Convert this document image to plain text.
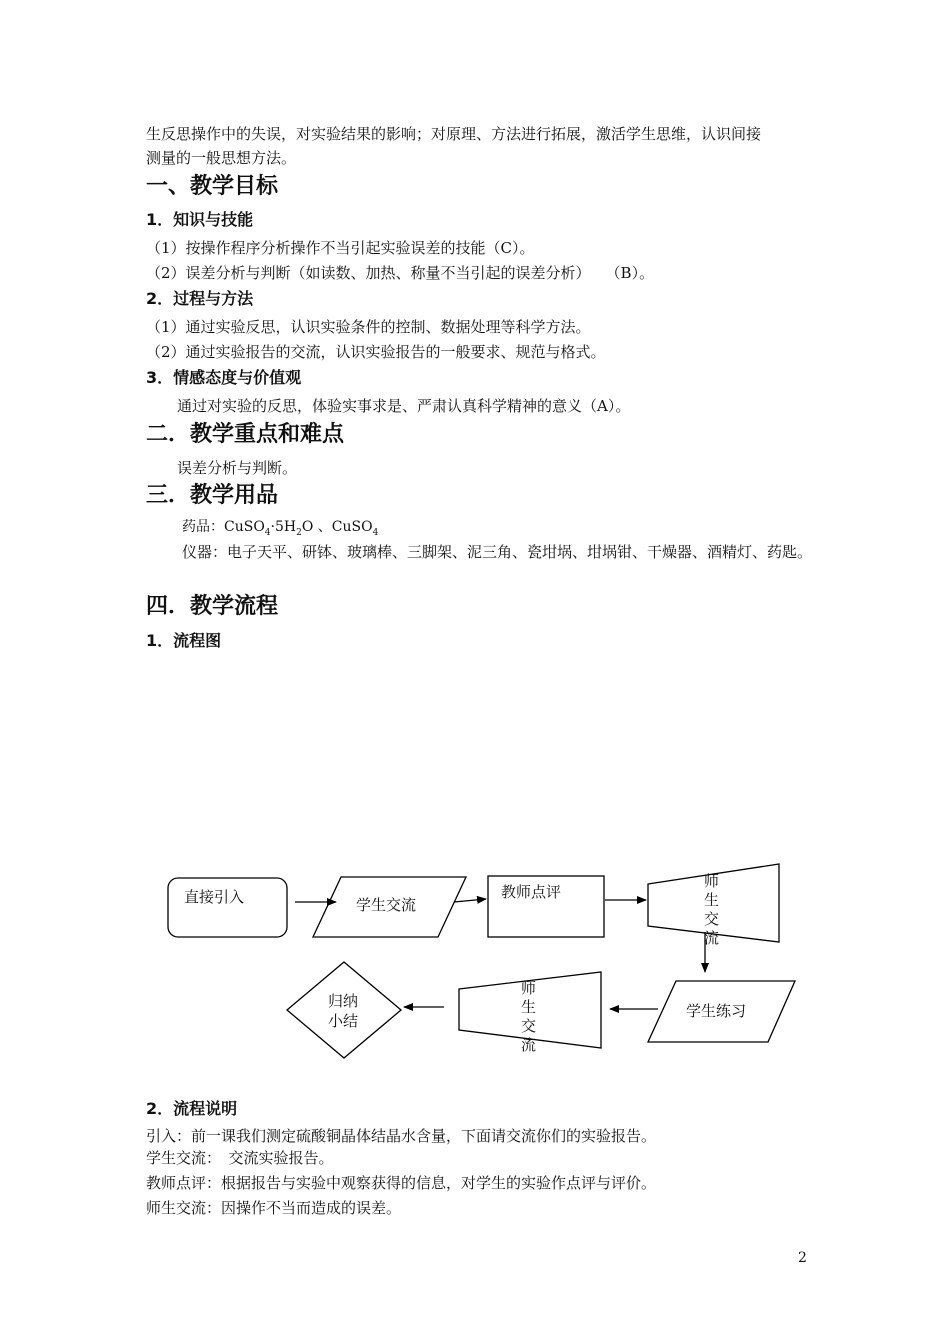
生反思操作中的失误，对实验结果的影响；对原理、方法进行拓展，激活学生思维，认识间接
测量的一般思想方法。
一、教学目标
1．知识与技能
（1）按操作程序分析操作不当引起实验误差的技能（C）。
（2）误差分析与判断（如读数、加热、称量不当引起的误差分析）　　（B）。
2．过程与方法
（1）通过实验反思，认识实验条件的控制、数据处理等科学方法。
（2）通过实验报告的交流，认识实验报告的一般要求、规范与格式。
3．情感态度与价值观
通过对实验的反思，体验实事求是、严肃认真科学精神的意义（A）。
二．教学重点和难点
误差分析与判断。
三．教学用品
药品：$CuSO_4\cdot 5H_2O$ 、CuSO$_4$
仪器：电子天平、研钵、玻璃棒、三脚架、泥三角、瓷坩埚、坩埚钳、干燥器、酒精灯、药匙。
四．教学流程
1．流程图
直接引入	学生交流
教师点评
师
生
交
流
学生练习
师
生
交
流
归纳
小结
2．流程说明
引入：前一课我们测定硫酸铜晶体结晶水含量，下面请交流你们的实验报告。
学生交流：　交流实验报告。
教师点评：根据报告与实验中观察获得的信息，对学生的实验作点评与评价。
师生交流：因操作不当而造成的误差。
2
